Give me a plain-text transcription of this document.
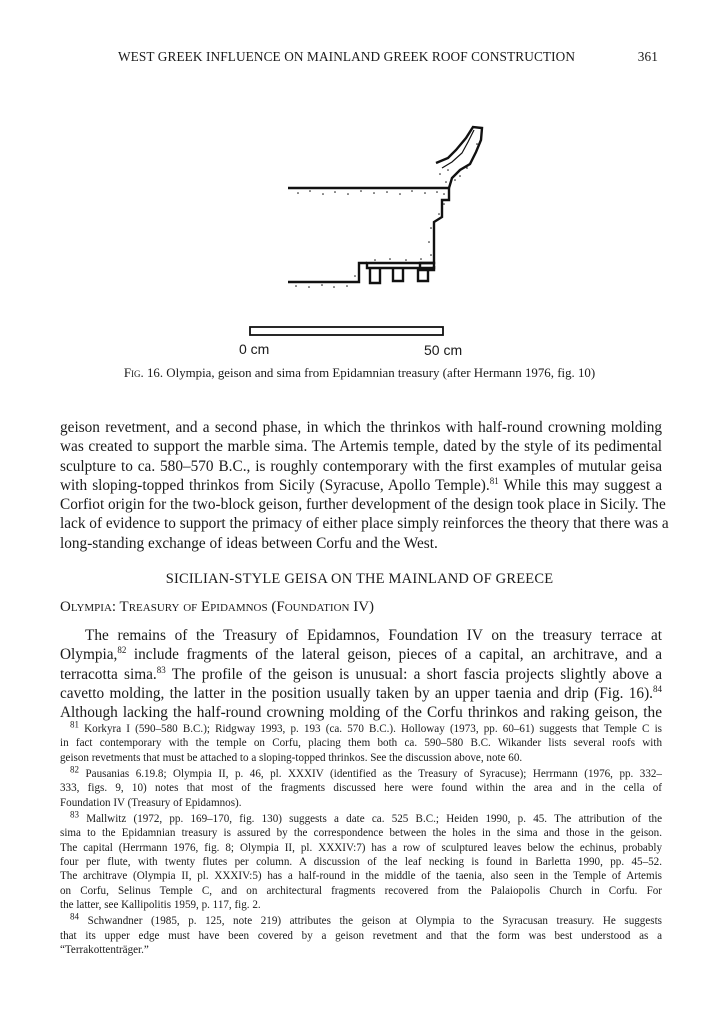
WEST GREEK INFLUENCE ON MAINLAND GREEK ROOF CONSTRUCTION	361
0 cm	50 cm
Fig. 16. Olympia, geison and sima from Epidamnian treasury (after Hermann 1976, fig. 10)
geison revetment, and a second phase, in which the thrinkos with half-round crowning molding
was created to support the marble sima. The Artemis temple, dated by the style of its pedimental
sculpture to ca. 580–570 B.C., is roughly contemporary with the first examples of mutular geisa
with sloping-topped thrinkos from Sicily (Syracuse, Apollo Temple).$^{81}$ While this may suggest a
Corfiot origin for the two-block geison, further development of the design took place in Sicily. The
lack of evidence to support the primacy of either place simply reinforces the theory that there was a
long-standing exchange of ideas between Corfu and the West.
SICILIAN-STYLE GEISA ON THE MAINLAND OF GREECE
Olympia: Treasury of Epidamnos (Foundation IV)
The remains of the Treasury of Epidamnos, Foundation IV on the treasury terrace at
Olympia,$^{82}$ include fragments of the lateral geison, pieces of a capital, an architrave, and a
terracotta sima.$^{83}$ The profile of the geison is unusual: a short fascia projects slightly above a
cavetto molding, the latter in the position usually taken by an upper taenia and drip (Fig. 16).$^{84}$
Although lacking the half-round crowning molding of the Corfu thrinkos and raking geison, the
$^{81}$ Korkyra I (590–580 B.C.); Ridgway 1993, p. 193 (ca. 570 B.C.). Holloway (1973, pp. 60–61) suggests that Temple C is
in fact contemporary with the temple on Corfu, placing them both ca. 590–580 B.C. Wikander lists several roofs with
geison revetments that must be attached to a sloping-topped thrinkos. See the discussion above, note 60.
$^{82}$ Pausanias 6.19.8; Olympia II, p. 46, pl. XXXIV (identified as the Treasury of Syracuse); Herrmann (1976, pp. 332–
333, figs. 9, 10) notes that most of the fragments discussed here were found within the area and in the cella of
Foundation IV (Treasury of Epidamnos).
$^{83}$ Mallwitz (1972, pp. 169–170, fig. 130) suggests a date ca. 525 B.C.; Heiden 1990, p. 45. The attribution of the
sima to the Epidamnian treasury is assured by the correspondence between the holes in the sima and those in the geison.
The capital (Herrmann 1976, fig. 8; Olympia II, pl. XXXIV:7) has a row of sculptured leaves below the echinus, probably
four per flute, with twenty flutes per column. A discussion of the leaf necking is found in Barletta 1990, pp. 45–52.
The architrave (Olympia II, pl. XXXIV:5) has a half-round in the middle of the taenia, also seen in the Temple of Artemis
on Corfu, Selinus Temple C, and on architectural fragments recovered from the Palaiopolis Church in Corfu. For
the latter, see Kallipolitis 1959, p. 117, fig. 2.
$^{84}$ Schwandner (1985, p. 125, note 219) attributes the geison at Olympia to the Syracusan treasury. He suggests
that its upper edge must have been covered by a geison revetment and that the form was best understood as a
“Terrakottenträger.”
